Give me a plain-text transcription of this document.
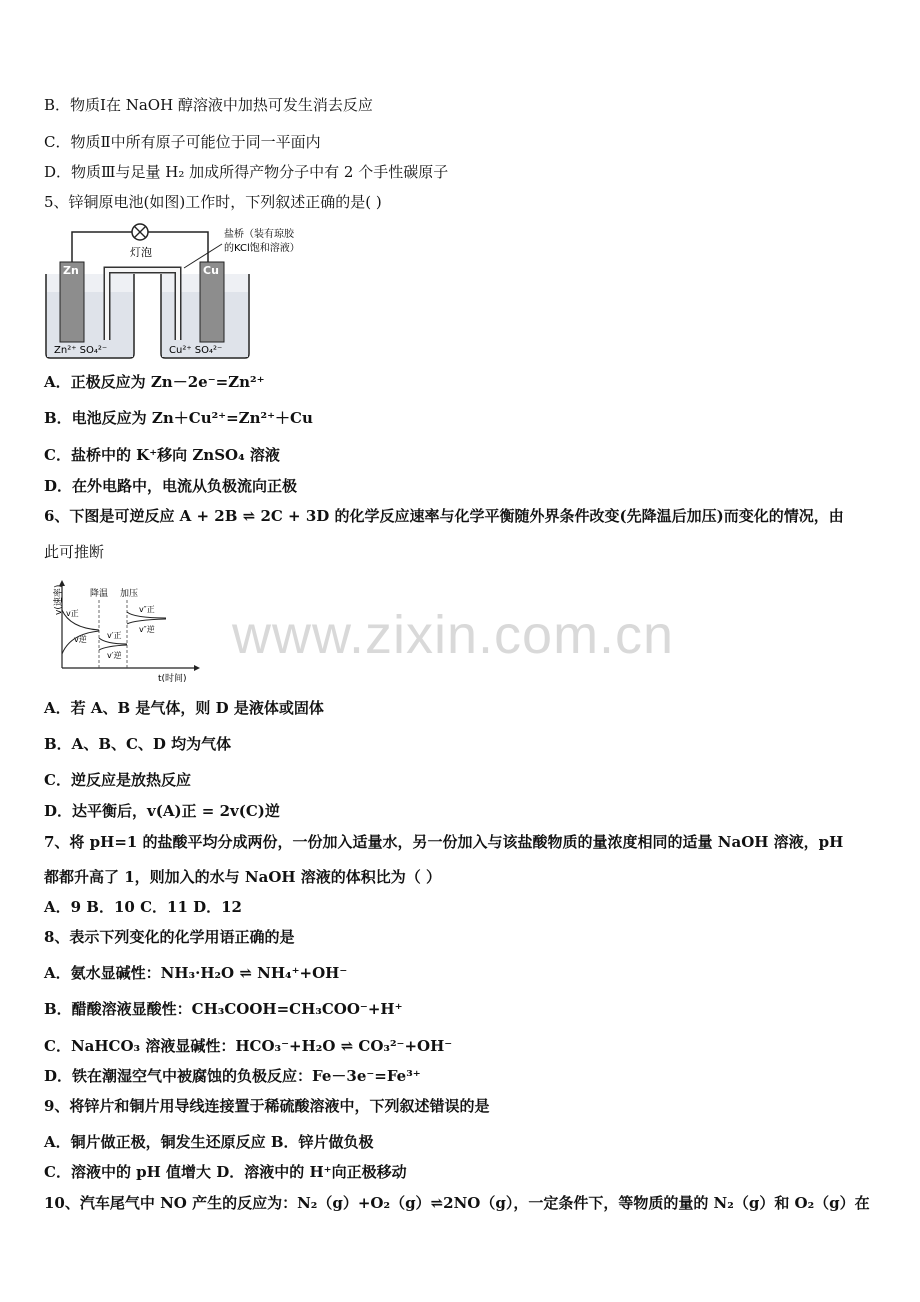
www.zixin.com.cn
B．物质Ⅰ在 NaOH 醇溶液中加热可发生消去反应
C．物质Ⅱ中所有原子可能位于同一平面内
D．物质Ⅲ与足量 H₂ 加成所得产物分子中有 2 个手性碳原子
5、锌铜原电池(如图)工作时，下列叙述正确的是( )
灯泡
盐桥（装有琼胶
的KCl饱和溶液）
Zn	Cu
Zn²⁺ SO₄²⁻	Cu²⁺ SO₄²⁻
A．正极反应为 Zn－2e⁻=Zn²⁺
B．电池反应为 Zn＋Cu²⁺=Zn²⁺＋Cu
C．盐桥中的 K⁺移向 ZnSO₄ 溶液
D．在外电路中，电流从负极流向正极
6、下图是可逆反应 A + 2B ⇌ 2C + 3D 的化学反应速率与化学平衡随外界条件改变(先降温后加压)而变化的情况，由
此可推断
v(速率)
t(时间)
降温 加压
v正
v逆	v′正
v′逆
v″正
v″逆
A．若 A、B 是气体，则 D 是液体或固体
B．A、B、C、D 均为气体
C．逆反应是放热反应
D．达平衡后，v(A)正 = 2v(C)逆
7、将 pH=1 的盐酸平均分成两份，一份加入适量水，另一份加入与该盐酸物质的量浓度相同的适量 NaOH 溶液，pH
都都升高了 1，则加入的水与 NaOH 溶液的体积比为（ ）
A．9 B．10 C．11 D．12
8、表示下列变化的化学用语正确的是
A．氨水显碱性：NH₃·H₂O ⇌ NH₄⁺+OH⁻
B．醋酸溶液显酸性：CH₃COOH=CH₃COO⁻+H⁺
C．NaHCO₃ 溶液显碱性：HCO₃⁻+H₂O ⇌ CO₃²⁻+OH⁻
D．铁在潮湿空气中被腐蚀的负极反应：Fe－3e⁻=Fe³⁺
9、将锌片和铜片用导线连接置于稀硫酸溶液中，下列叙述错误的是
A．铜片做正极，铜发生还原反应 B．锌片做负极
C．溶液中的 pH 值增大 D．溶液中的 H⁺向正极移动
10、汽车尾气中 NO 产生的反应为：N₂（g）+O₂（g）⇌2NO（g），一定条件下，等物质的量的 N₂（g）和 O₂（g）在
